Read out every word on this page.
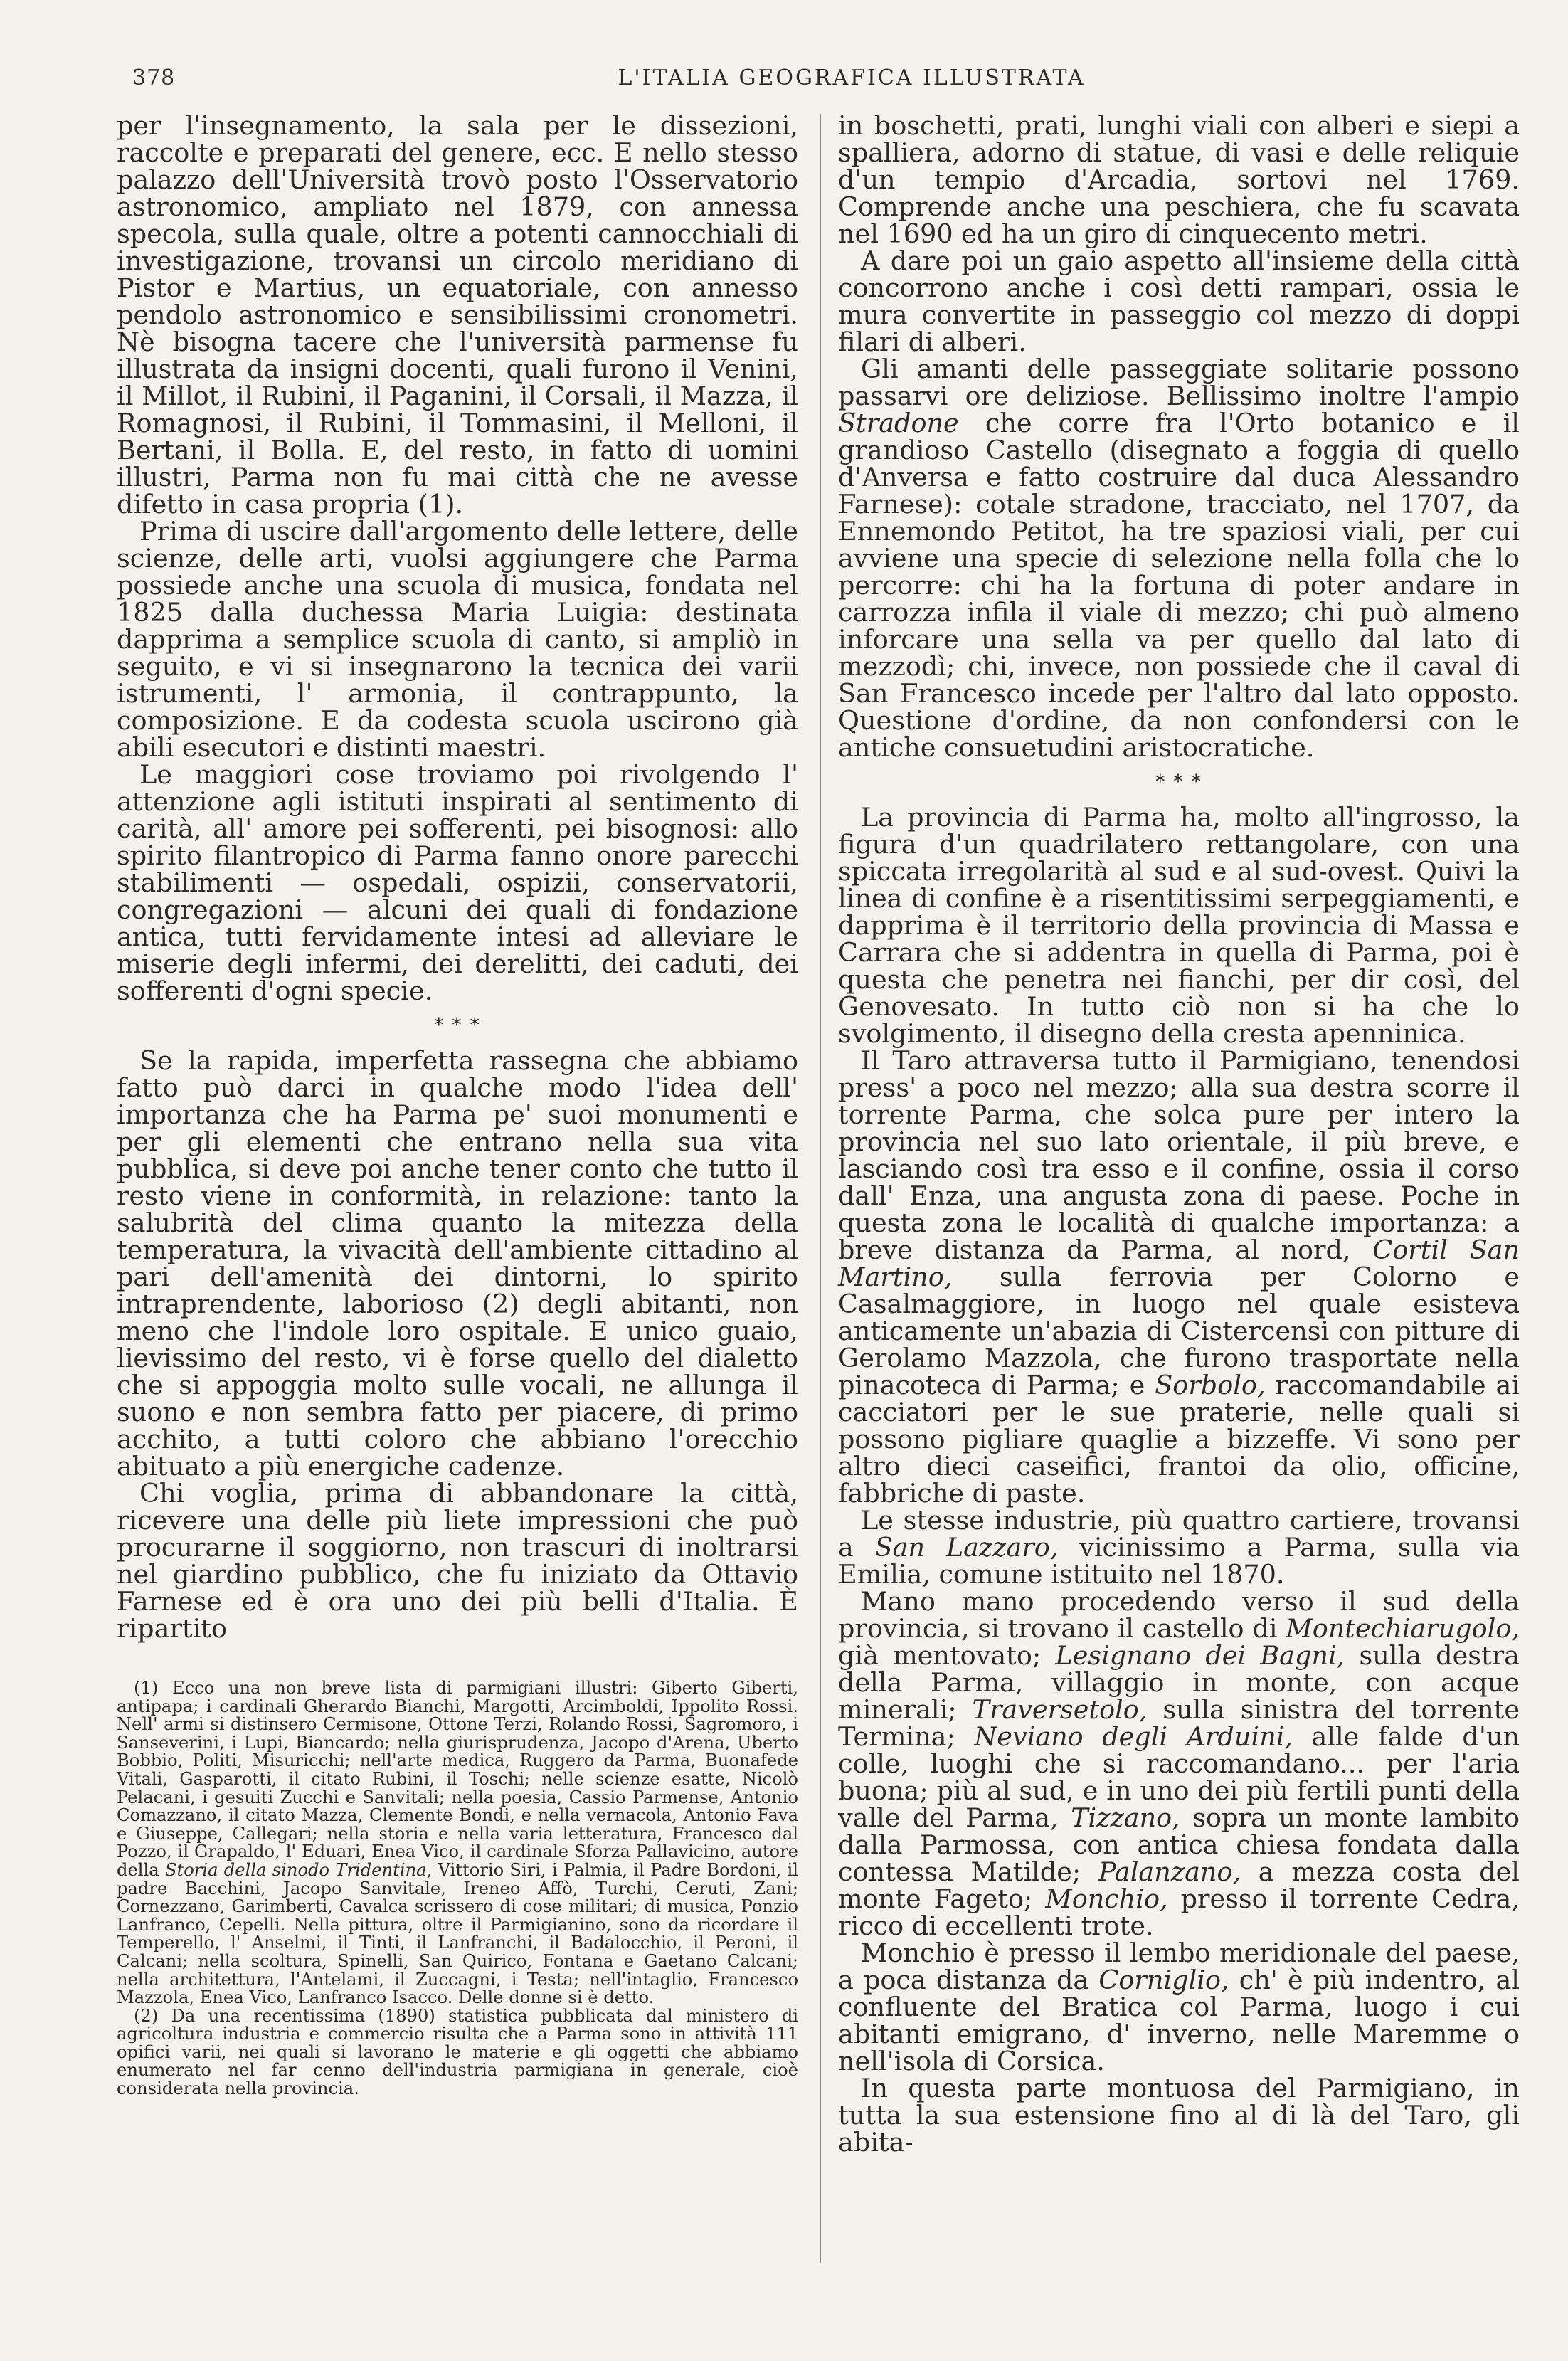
378	L'ITALIA GEOGRAFICA ILLUSTRATA

per l'insegnamento, la sala per le dissezioni, raccolte e preparati del genere, ecc. E nello stesso palazzo dell'Università trovò posto l'Osservatorio astronomico, ampliato nel 1879, con annessa specola, sulla quale, oltre a potenti cannocchiali di investigazione, trovansi un circolo meridiano di Pistor e Martius, un equatoriale, con annesso pendolo astronomico e sensibilissimi cronometri. Nè bisogna tacere che l'università parmense fu illustrata da insigni docenti, quali furono il Venini, il Millot, il Rubini, il Paganini, il Corsali, il Mazza, il Romagnosi, il Rubini, il Tommasini, il Melloni, il Bertani, il Bolla. E, del resto, in fatto di uomini illustri, Parma non fu mai città che ne avesse difetto in casa propria (1).

Prima di uscire dall'argomento delle lettere, delle scienze, delle arti, vuolsi aggiungere che Parma possiede anche una scuola di musica, fondata nel 1825 dalla duchessa Maria Luigia: destinata dapprima a semplice scuola di canto, si ampliò in seguito, e vi si insegnarono la tecnica dei varii istrumenti, l' armonia, il contrappunto, la composizione. E da codesta scuola uscirono già abili esecutori e distinti maestri.

Le maggiori cose troviamo poi rivolgendo l' attenzione agli istituti inspirati al sentimento di carità, all' amore pei sofferenti, pei bisognosi: allo spirito filantropico di Parma fanno onore parecchi stabilimenti — ospedali, ospizii, conservatorii, congregazioni — alcuni dei quali di fondazione antica, tutti fervidamente intesi ad alleviare le miserie degli infermi, dei derelitti, dei caduti, dei sofferenti d'ogni specie.

* * *

Se la rapida, imperfetta rassegna che abbiamo fatto può darci in qualche modo l'idea dell' importanza che ha Parma pe' suoi monumenti e per gli elementi che entrano nella sua vita pubblica, si deve poi anche tener conto che tutto il resto viene in conformità, in relazione: tanto la salubrità del clima quanto la mitezza della temperatura, la vivacità dell'ambiente cittadino al pari dell'amenità dei dintorni, lo spirito intraprendente, laborioso (2) degli abitanti, non meno che l'indole loro ospitale. E unico guaio, lievissimo del resto, vi è forse quello del dialetto che si appoggia molto sulle vocali, ne allunga il suono e non sembra fatto per piacere, di primo acchito, a tutti coloro che abbiano l'orecchio abituato a più energiche cadenze.

Chi voglia, prima di abbandonare la città, ricevere una delle più liete impressioni che può procurarne il soggiorno, non trascuri di inoltrarsi nel giardino pubblico, che fu iniziato da Ottavio Farnese ed è ora uno dei più belli d'Italia. È ripartito

(1) Ecco una non breve lista di parmigiani illustri: Giberto Giberti, antipapa; i cardinali Gherardo Bianchi, Margotti, Arcimboldi, Ippolito Rossi. Nell' armi si distinsero Cermisone, Ottone Terzi, Rolando Rossi, Sagromoro, i Sanseverini, i Lupi, Biancardo; nella giurisprudenza, Jacopo d'Arena, Uberto Bobbio, Politi, Misuricchi; nell'arte medica, Ruggero da Parma, Buonafede Vitali, Gasparotti, il citato Rubini, il Toschi; nelle scienze esatte, Nicolò Pelacani, i gesuiti Zucchi e Sanvitali; nella poesia, Cassio Parmense, Antonio Comazzano, il citato Mazza, Clemente Bondi, e nella vernacola, Antonio Fava e Giuseppe, Callegari; nella storia e nella varia letteratura, Francesco dal Pozzo, il Grapaldo, l' Eduari, Enea Vico, il cardinale Sforza Pallavicino, autore della Storia della sinodo Tridentina, Vittorio Siri, i Palmia, il Padre Bordoni, il padre Bacchini, Jacopo Sanvitale, Ireneo Affò, Turchi, Ceruti, Zani; Cornezzano, Garimberti, Cavalca scrissero di cose militari; di musica, Ponzio Lanfranco, Cepelli. Nella pittura, oltre il Parmigianino, sono da ricordare il Temperello, l' Anselmi, il Tinti, il Lanfranchi, il Badalocchio, il Peroni, il Calcani; nella scoltura, Spinelli, San Quirico, Fontana e Gaetano Calcani; nella architettura, l'Antelami, il Zuccagni, i Testa; nell'intaglio, Francesco Mazzola, Enea Vico, Lanfranco Isacco. Delle donne si è detto.

(2) Da una recentissima (1890) statistica pubblicata dal ministero di agricoltura industria e commercio risulta che a Parma sono in attività 111 opifici varii, nei quali si lavorano le materie e gli oggetti che abbiamo enumerato nel far cenno dell'industria parmigiana in generale, cioè considerata nella provincia.

in boschetti, prati, lunghi viali con alberi e siepi a spalliera, adorno di statue, di vasi e delle reliquie d'un tempio d'Arcadia, sortovi nel 1769. Comprende anche una peschiera, che fu scavata nel 1690 ed ha un giro di cinquecento metri.

A dare poi un gaio aspetto all'insieme della città concorrono anche i così detti rampari, ossia le mura convertite in passeggio col mezzo di doppi filari di alberi.

Gli amanti delle passeggiate solitarie possono passarvi ore deliziose. Bellissimo inoltre l'ampio Stradone che corre fra l'Orto botanico e il grandioso Castello (disegnato a foggia di quello d'Anversa e fatto costruire dal duca Alessandro Farnese): cotale stradone, tracciato, nel 1707, da Ennemondo Petitot, ha tre spaziosi viali, per cui avviene una specie di selezione nella folla che lo percorre: chi ha la fortuna di poter andare in carrozza infila il viale di mezzo; chi può almeno inforcare una sella va per quello dal lato di mezzodì; chi, invece, non possiede che il caval di San Francesco incede per l'altro dal lato opposto. Questione d'ordine, da non confondersi con le antiche consuetudini aristocratiche.

* * *

La provincia di Parma ha, molto all'ingrosso, la figura d'un quadrilatero rettangolare, con una spiccata irregolarità al sud e al sud-ovest. Quivi la linea di confine è a risentitissimi serpeggiamenti, e dapprima è il territorio della provincia di Massa e Carrara che si addentra in quella di Parma, poi è questa che penetra nei fianchi, per dir così, del Genovesato. In tutto ciò non si ha che lo svolgimento, il disegno della cresta apenninica.

Il Taro attraversa tutto il Parmigiano, tenendosi press' a poco nel mezzo; alla sua destra scorre il torrente Parma, che solca pure per intero la provincia nel suo lato orientale, il più breve, e lasciando così tra esso e il confine, ossia il corso dall' Enza, una angusta zona di paese. Poche in questa zona le località di qualche importanza: a breve distanza da Parma, al nord, Cortil San Martino, sulla ferrovia per Colorno e Casalmaggiore, in luogo nel quale esisteva anticamente un'abazia di Cistercensi con pitture di Gerolamo Mazzola, che furono trasportate nella pinacoteca di Parma; e Sorbolo, raccomandabile ai cacciatori per le sue praterie, nelle quali si possono pigliare quaglie a bizzeffe. Vi sono per altro dieci caseifici, frantoi da olio, officine, fabbriche di paste.

Le stesse industrie, più quattro cartiere, trovansi a San Lazzaro, vicinissimo a Parma, sulla via Emilia, comune istituito nel 1870.

Mano mano procedendo verso il sud della provincia, si trovano il castello di Montechiarugolo, già mentovato; Lesignano dei Bagni, sulla destra della Parma, villaggio in monte, con acque minerali; Traversetolo, sulla sinistra del torrente Termina; Neviano degli Arduini, alle falde d'un colle, luoghi che si raccomandano... per l'aria buona; più al sud, e in uno dei più fertili punti della valle del Parma, Tizzano, sopra un monte lambito dalla Parmossa, con antica chiesa fondata dalla contessa Matilde; Palanzano, a mezza costa del monte Fageto; Monchio, presso il torrente Cedra, ricco di eccellenti trote.

Monchio è presso il lembo meridionale del paese, a poca distanza da Corniglio, ch' è più indentro, al confluente del Bratica col Parma, luogo i cui abitanti emigrano, d' inverno, nelle Maremme o nell'isola di Corsica.

In questa parte montuosa del Parmigiano, in tutta la sua estensione fino al di là del Taro, gli abita-
